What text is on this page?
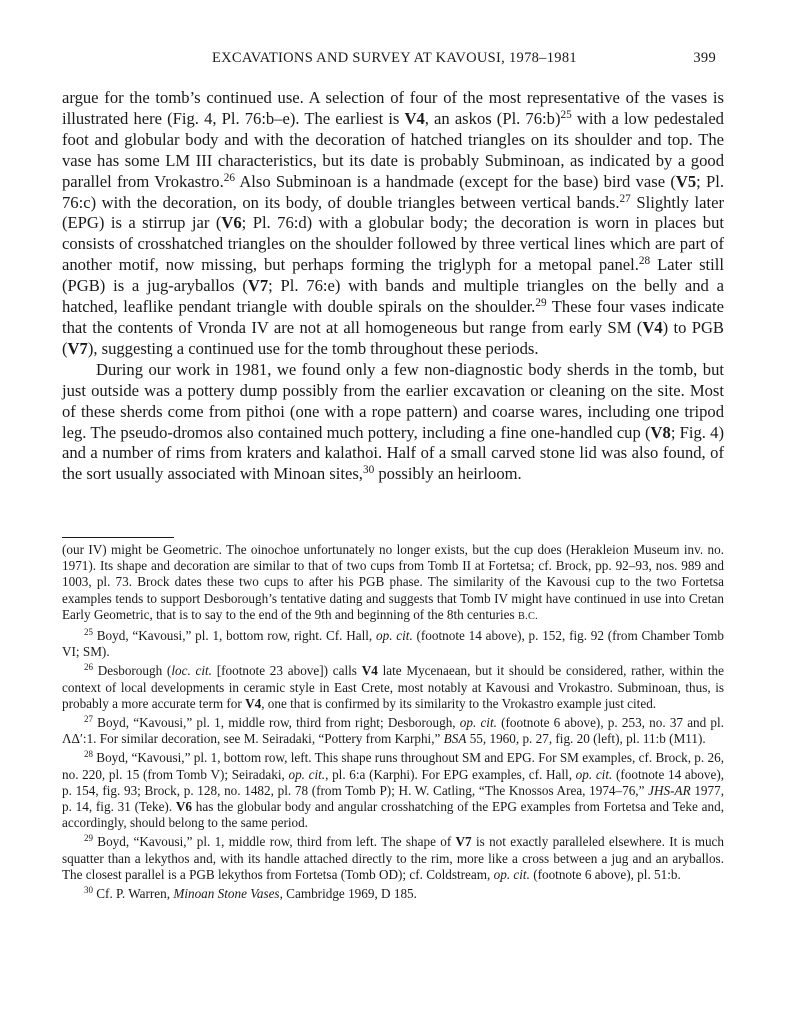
EXCAVATIONS AND SURVEY AT KAVOUSI, 1978–1981	399

argue for the tomb’s continued use. A selection of four of the most representative of the vases is illustrated here (Fig. 4, Pl. 76:b–e). The earliest is V4, an askos (Pl. 76:b)$^{25}$ with a low pedestaled foot and globular body and with the decoration of hatched triangles on its shoulder and top. The vase has some LM III characteristics, but its date is probably Subminoan, as indicated by a good parallel from Vrokastro.$^{26}$ Also Subminoan is a handmade (except for the base) bird vase (V5; Pl. 76:c) with the decoration, on its body, of double triangles between vertical bands.$^{27}$ Slightly later (EPG) is a stirrup jar (V6; Pl. 76:d) with a globular body; the decoration is worn in places but consists of crosshatched triangles on the shoulder followed by three vertical lines which are part of another motif, now missing, but perhaps forming the triglyph for a metopal panel.$^{28}$ Later still (PGB) is a jug-aryballos (V7; Pl. 76:e) with bands and multiple triangles on the belly and a hatched, leaflike pendant triangle with double spirals on the shoulder.$^{29}$ These four vases indicate that the contents of Vronda IV are not at all homogeneous but range from early SM (V4) to PGB (V7), suggesting a continued use for the tomb throughout these periods.

During our work in 1981, we found only a few non-diagnostic body sherds in the tomb, but just outside was a pottery dump possibly from the earlier excavation or cleaning on the site. Most of these sherds come from pithoi (one with a rope pattern) and coarse wares, including one tripod leg. The pseudo-dromos also contained much pottery, including a fine one-handled cup (V8; Fig. 4) and a number of rims from kraters and kalathoi. Half of a small carved stone lid was also found, of the sort usually associated with Minoan sites,$^{30}$ possibly an heirloom.

(our IV) might be Geometric. The oinochoe unfortunately no longer exists, but the cup does (Herakleion Museum inv. no. 1971). Its shape and decoration are similar to that of two cups from Tomb II at Fortetsa; cf. Brock, pp. 92–93, nos. 989 and 1003, pl. 73. Brock dates these two cups to after his PGB phase. The similarity of the Kavousi cup to the two Fortetsa examples tends to support Desborough’s tentative dating and suggests that Tomb IV might have continued in use into Cretan Early Geometric, that is to say to the end of the 9th and beginning of the 8th centuries B.C.

$^{25}$ Boyd, “Kavousi,” pl. 1, bottom row, right. Cf. Hall, op. cit. (footnote 14 above), p. 152, fig. 92 (from Chamber Tomb VI; SM).

$^{26}$ Desborough (loc. cit. [footnote 23 above]) calls V4 late Mycenaean, but it should be considered, rather, within the context of local developments in ceramic style in East Crete, most notably at Kavousi and Vrokastro. Subminoan, thus, is probably a more accurate term for V4, one that is confirmed by its similarity to the Vrokastro example just cited.

$^{27}$ Boyd, “Kavousi,” pl. 1, middle row, third from right; Desborough, op. cit. (footnote 6 above), p. 253, no. 37 and pl. ΛΔ′:1. For similar decoration, see M. Seiradaki, “Pottery from Karphi,” BSA 55, 1960, p. 27, fig. 20 (left), pl. 11:b (M11).

$^{28}$ Boyd, “Kavousi,” pl. 1, bottom row, left. This shape runs throughout SM and EPG. For SM examples, cf. Brock, p. 26, no. 220, pl. 15 (from Tomb V); Seiradaki, op. cit., pl. 6:a (Karphi). For EPG examples, cf. Hall, op. cit. (footnote 14 above), p. 154, fig. 93; Brock, p. 128, no. 1482, pl. 78 (from Tomb P); H. W. Catling, “The Knossos Area, 1974–76,” JHS-AR 1977, p. 14, fig. 31 (Teke). V6 has the globular body and angular crosshatching of the EPG examples from Fortetsa and Teke and, accordingly, should belong to the same period.

$^{29}$ Boyd, “Kavousi,” pl. 1, middle row, third from left. The shape of V7 is not exactly paralleled elsewhere. It is much squatter than a lekythos and, with its handle attached directly to the rim, more like a cross between a jug and an aryballos. The closest parallel is a PGB lekythos from Fortetsa (Tomb OD); cf. Coldstream, op. cit. (footnote 6 above), pl. 51:b.

$^{30}$ Cf. P. Warren, Minoan Stone Vases, Cambridge 1969, D 185.
